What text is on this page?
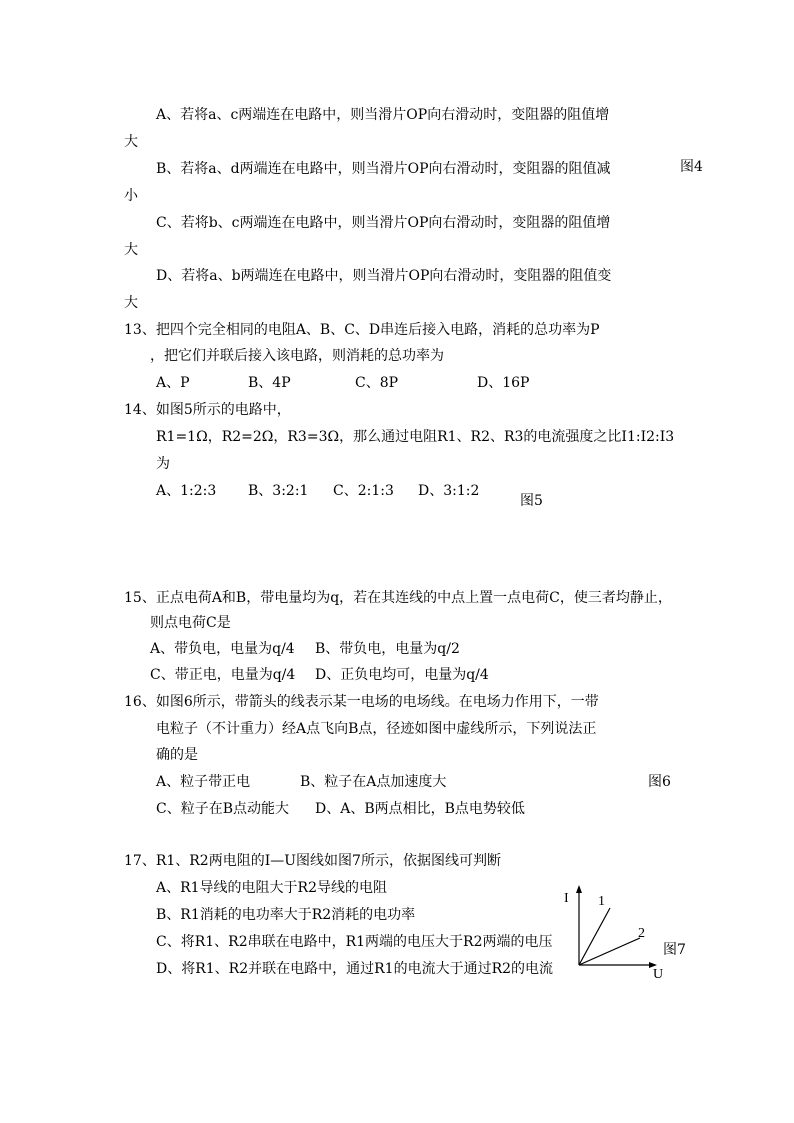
A、若将a、c两端连在电路中，则当滑片OP向右滑动时，变阻器的阻值增
大
B、若将a、d两端连在电路中，则当滑片OP向右滑动时，变阻器的阻值减	图4
小
C、若将b、c两端连在电路中，则当滑片OP向右滑动时，变阻器的阻值增
大
D、若将a、b两端连在电路中，则当滑片OP向右滑动时，变阻器的阻值变
大
13、把四个完全相同的电阻A、B、C、D串连后接入电路，消耗的总功率为P
，把它们并联后接入该电路，则消耗的总功率为
A、P	B、4P	C、8P	D、16P
14、如图5所示的电路中，
R1=1Ω，R2=2Ω，R3=3Ω，那么通过电阻R1、R2、R3的电流强度之比I1:I2:I3
为
A、1:2:3 B、3:2:1 C、2:1:3 D、3:1:2
图5
15、正点电荷A和B，带电量均为q，若在其连线的中点上置一点电荷C，使三者均静止，
则点电荷C是
A、带负电，电量为q/4 B、带负电，电量为q/2
C、带正电，电量为q/4 D、正负电均可，电量为q/4
16、如图6所示，带箭头的线表示某一电场的电场线。在电场力作用下，一带
电粒子（不计重力）经A点飞向B点，径迹如图中虚线所示，下列说法正
确的是
A、粒子带正电	B、粒子在A点加速度大	图6
C、粒子在B点动能大 D、A、B两点相比，B点电势较低
17、R1、R2两电阻的I—U图线如图7所示，依据图线可判断
A、R1导线的电阻大于R2导线的电阻
B、R1消耗的电功率大于R2消耗的电功率
C、将R1、R2串联在电路中，R1两端的电压大于R2两端的电压
D、将R1、R2并联在电路中，通过R1的电流大于通过R2的电流
I
U
1
2
图7
